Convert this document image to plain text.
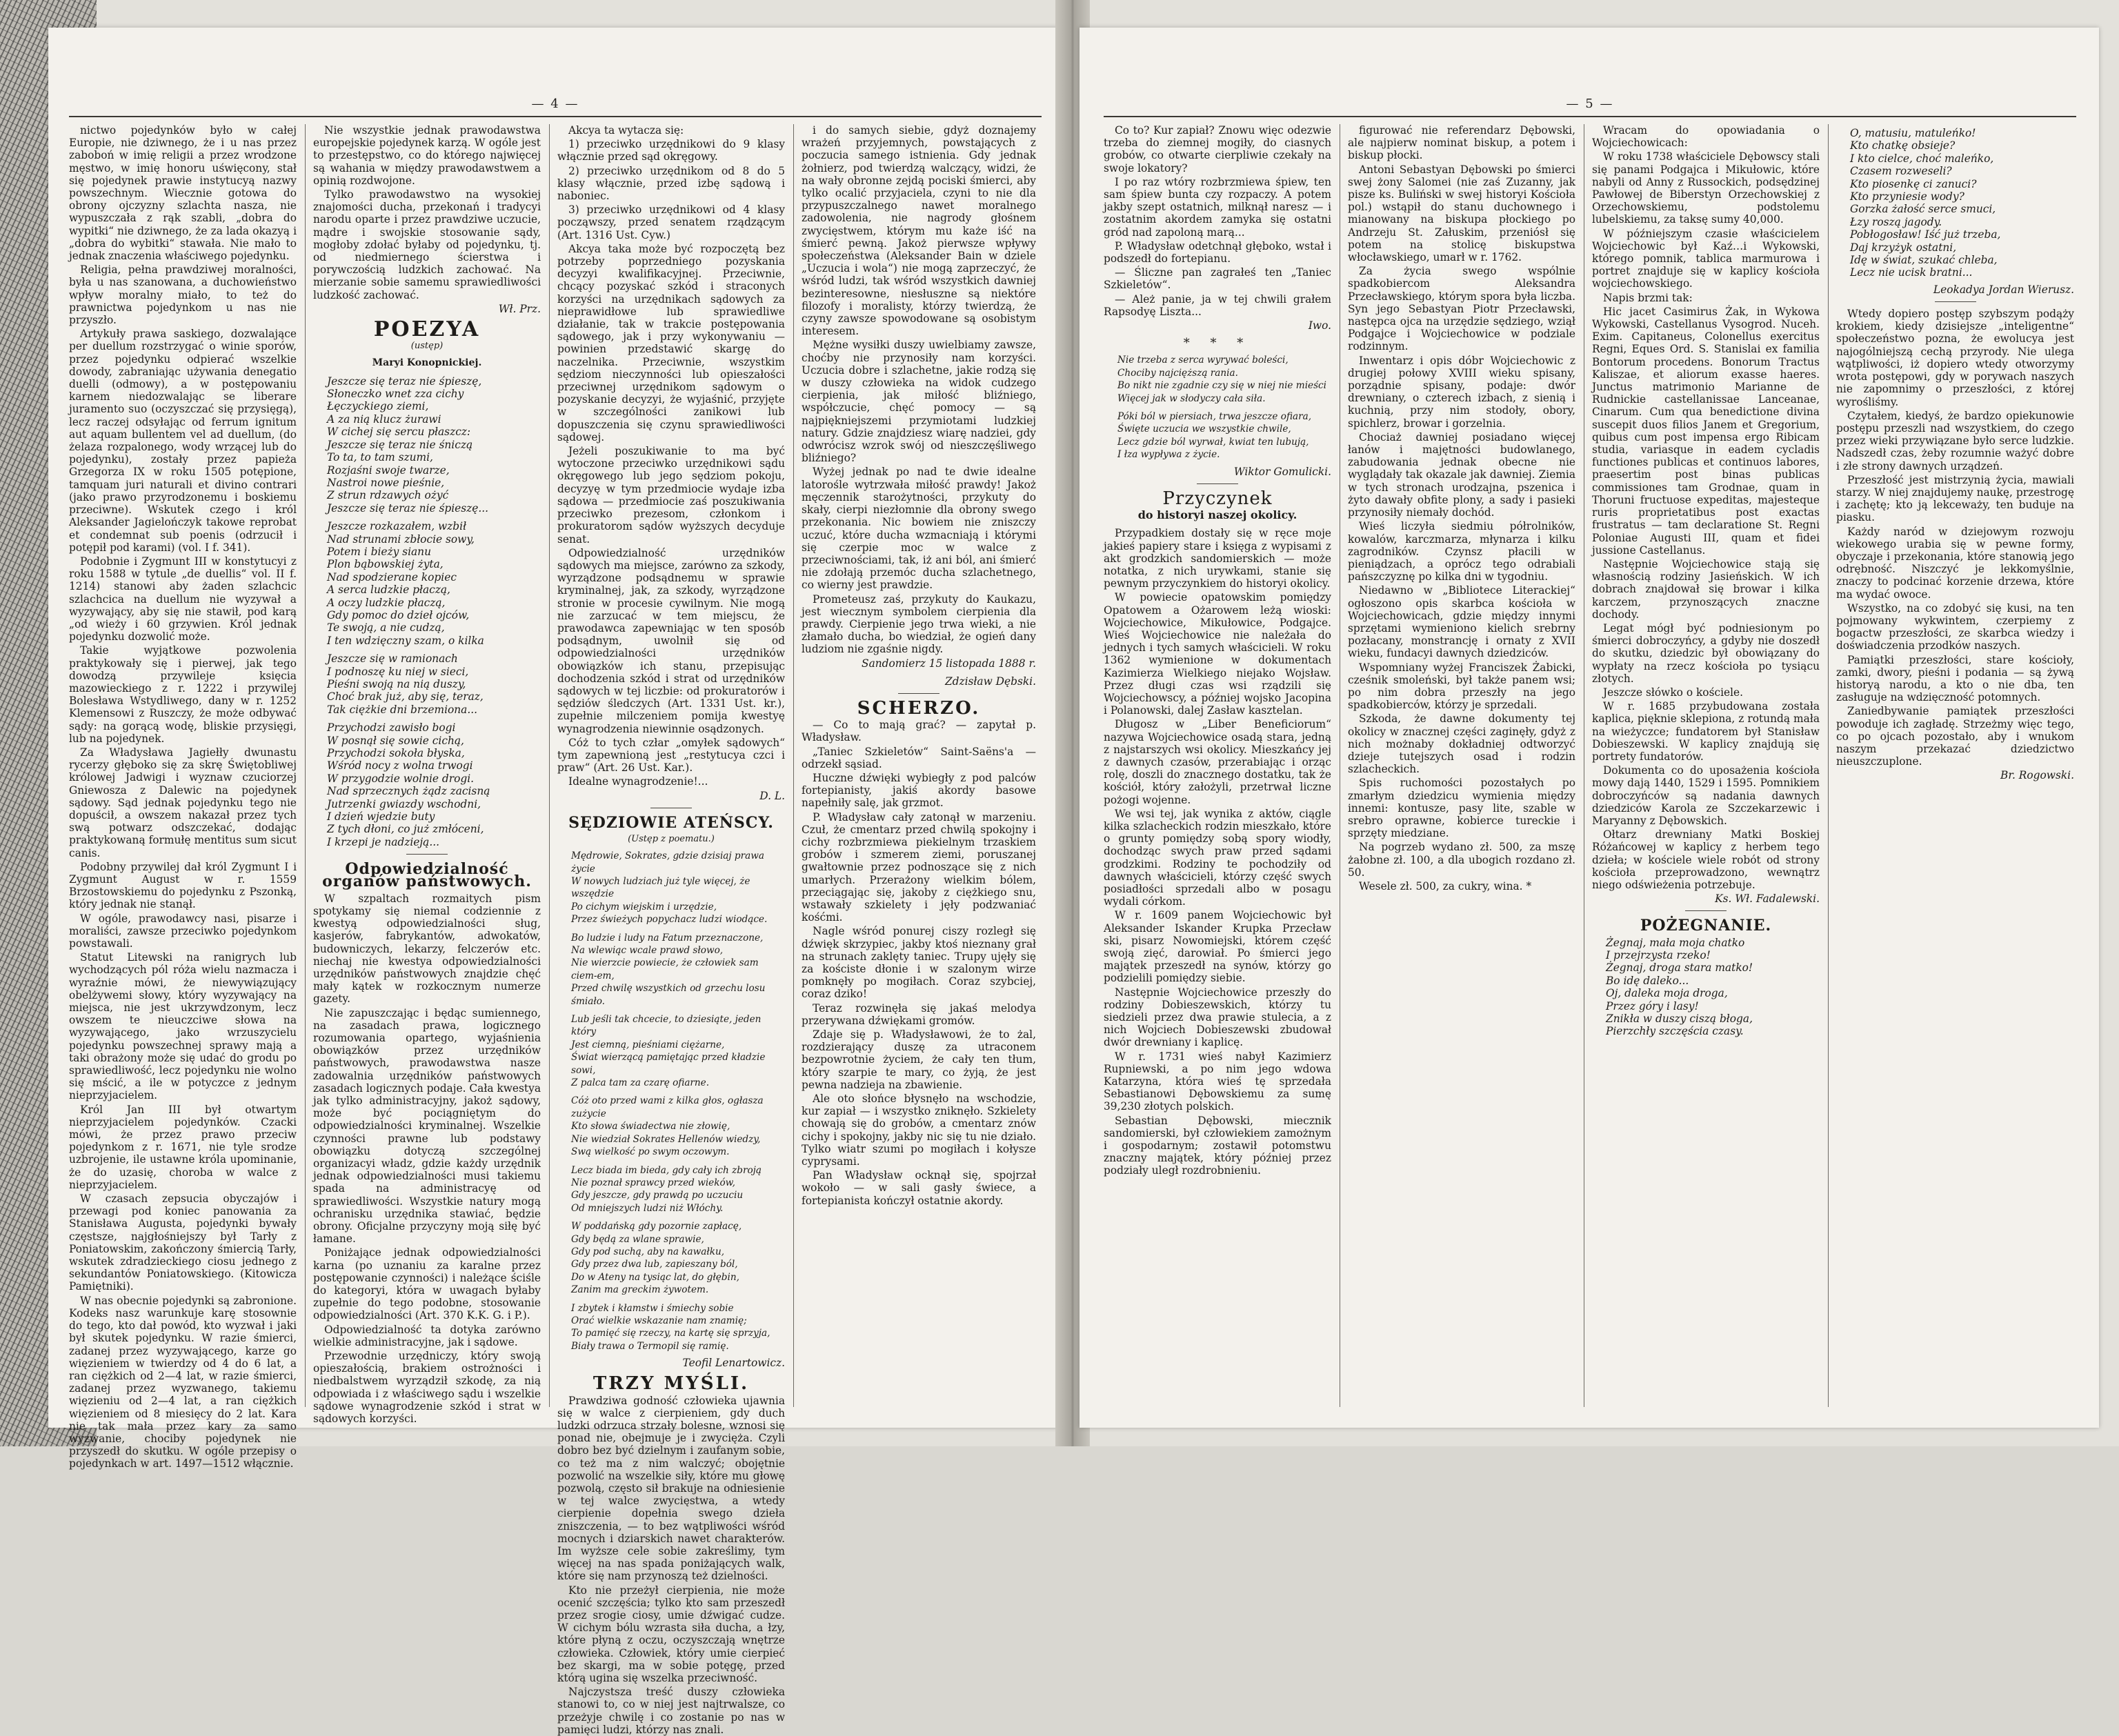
— 4 —

nictwo pojedynków było w całej Europie, nie dziwnego, że i u nas przez zaboboń w imię religii a przez wrodzone męstwo, w imię honoru uświęcony, stał się pojedynek prawie instytucyą nazwy powszechnym. Wiecznie gotowa do obrony ojczyzny szlachta nasza, nie wypuszczała z rąk szabli, „dobra do wypitki“ nie dziwnego, że za lada okazyą i „dobra do wybitki“ stawała. Nie mało to jednak znaczenia właściwego pojedynku.

Religia, pełna prawdziwej moralności, była u nas szanowana, a duchowieństwo wpływ moralny miało, to też do prawnictwa pojedynkom u nas nie przyszło.

Artykuły prawa saskiego, dozwalające per duellum rozstrzygać o winie sporów, przez pojedynku odpierać wszelkie dowody, zabraniając używania denegatio duelli (odmowy), a w postępowaniu karnem niedozwalając se liberare juramento suo (oczyszczać się przysięgą), lecz raczej odsyłając od ferrum ignitum aut aquam bullentem vel ad duellum, (do żelaza rozpalonego, wody wrzącej lub do pojedynku), zostały przez papieża Grzegorza IX w roku 1505 potępione, tamquam juri naturali et divino contrari (jako prawo przyrodzonemu i boskiemu przeciwne). Wskutek czego i król Aleksander Jagielończyk takowe reprobat et condemnat sub poenis (odrzucił i potępił pod karami) (vol. I f. 341).

Podobnie i Zygmunt III w konstytucyi z roku 1588 w tytule „de duellis“ vol. II f. 1214) stanowi aby żaden szlachcic szlachcica na duellum nie wyzywał a wyzywający, aby się nie stawił, pod karą „od wieży i 60 grzywien. Król jednak pojedynku dozwolić może.

Takie wyjątkowe pozwolenia praktykowały się i pierwej, jak tego dowodzą przywileje księcia mazowieckiego z r. 1222 i przywilej Bolesława Wstydliwego, dany w r. 1252 Klemensowi z Ruszczy, że może odbywać sądy: na gorącą wodę, bliskie przysięgi, lub na pojedynek.

Za Władysława Jagiełły dwunastu rycerzy głęboko się za skrę Świętobliwej królowej Jadwigi i wyznaw czuciorzej Gniewosza z Dalewic na pojedynek sądowy. Sąd jednak pojedynku tego nie dopuścił, a owszem nakazał przez tych swą potwarz odszczekać, dodając praktykowaną formułę mentitus sum sicut canis.

Podobny przywilej dał król Zygmunt I i Zygmunt August w r. 1559 Brzostowskiemu do pojedynku z Pszonką, który jednak nie stanął.

W ogóle, prawodawcy nasi, pisarze i moraliści, zawsze przeciwko pojedynkom powstawali.

Statut Litewski na ranigrych lub wychodzących pól róża wielu nazmacza i wyraźnie mówi, że niewywiązujący obelżywemi słowy, który wyzywający na miejsca, nie jest ukrzywdzonym, lecz owszem te nieuczciwe słowa na wyzywającego, jako wrzuszycielu pojedynku powszechnej sprawy mają a taki obrażony może się udać do grodu po sprawiedliwość, lecz pojedynku nie wolno się mścić, a ile w potyczce z jednym nieprzyjacielem.

Król Jan III był otwartym nieprzyjacielem pojedynków. Czacki mówi, że przez prawo przeciw pojedynkom z r. 1671, nie tyle srodze uzbrojenie, ile ustawne króla upominanie, że do uzasię, choroba w walce z nieprzyjacielem.

W czasach zepsucia obyczajów i przewagi pod koniec panowania za Stanisława Augusta, pojedynki bywały częstsze, najgłośniejszy był Tarły z Poniatowskim, zakończony śmiercią Tarły, wskutek zdradzieckiego ciosu jednego z sekundantów Poniatowskiego. (Kitowicza Pamiętniki).

W nas obecnie pojedynki są zabronione. Kodeks nasz warunkuje karę stosownie do tego, kto dał powód, kto wyzwał i jaki był skutek pojedynku. W razie śmierci, zadanej przez wyzywającego, karze go więzieniem w twierdzy od 4 do 6 lat, a ran ciężkich od 2—4 lat, w razie śmierci, zadanej przez wyzwanego, takiemu więzieniu od 2—4 lat, a ran ciężkich więzieniem od 8 miesięcy do 2 lat. Kara nie tak mała przez kary za samo wyzwanie, chociby pojedynek nie przyszedł do skutku. W ogóle przepisy o pojedynkach w art. 1497—1512 włącznie.

Nie wszystkie jednak prawodawstwa europejskie pojedynek karzą. W ogóle jest to przestępstwo, co do którego najwięcej są wahania w między prawodawstwem a opinią rozdwojone.

Tylko prawodawstwo na wysokiej znajomości ducha, przekonań i tradycyi narodu oparte i przez prawdziwe uczucie, mądre i swojskie stosowanie sądy, mogłoby zdołać byłaby od pojedynku, tj. od niedmiernego ścierstwa i porywczością ludzkich zachować. Na mierzanie sobie samemu sprawiedliwości ludzkość zachować.

Wł. Prz.
POEZYA
(ustęp)
Maryi Konopnickiej.
Jeszcze się teraz nie śpieszę,
Słoneczko wnet zza cichy
Łęczyckiego ziemi,
A za nią klucz żurawi
W cichej się sercu płaszcz:
Jeszcze się teraz nie śniczą
To ta, to tam szumi,
Rozjaśni swoje twarze,
Nastroi nowe pieśnie,
Z strun rdzawych ożyć
Jeszcze się teraz nie śpieszę...
Jeszcze rozkazałem, wzbił
Nad strunami zbłocie sowy,
Potem i bieży sianu
Plon bąbowskiej żyta,
Nad spodzierane kopiec
A serca ludzkie płaczą,
A oczy ludzkie płaczą,
Gdy pomoc do dzieł ojców,
Te swoją, a nie cudzą,
I ten wdzięczny szam, o kilka
Jeszcze się w ramionach
I podnoszę ku niej w sieci,
Pieśni swoją na nią duszy,
Choć brak już, aby się, teraz,
Tak ciężkie dni brzemiona...
Przychodzi zawisło bogi
W posnął się sowie cichą,
Przychodzi sokoła błyska,
Wśród nocy z wolna trwogi
W przygodzie wolnie drogi.
Nad sprzecznych żądz zacisną
Jutrzenki gwiazdy wschodni,
I dzień wjedzie buty
Z tych dłoni, co już zmłóceni,
I krzepi je nadzieją...
Odpowiedzialność organów państwowych.

W szpaltach rozmaitych pism spotykamy się niemal codziennie z kwestyą odpowiedzialności sług, kasjerów, fabrykantów, adwokatów, budowniczych, lekarzy, felczerów etc. niechaj nie kwestya odpowiedzialności urzędników państwowych znajdzie chęć mały kątek w rozkocznym numerze gazety.

Nie zapuszczając i będąc sumiennego, na zasadach prawa, logicznego rozumowania opartego, wyjaśnienia obowiązków przez urzędników państwowych, prawodawstwa nasze zadowalnia urzędników państwowych zasadach logicznych podaje. Cała kwestya jak tylko administracyjny, jakoż sądowy, może być pociągniętym do odpowiedzialności kryminalnej. Wszelkie czynności prawne lub podstawy obowiązku dotyczą szczególnej organizacyi władz, gdzie każdy urzędnik jednak odpowiedzialności musi takiemu spada na administracyę od sprawiedliwości. Wszystkie natury mogą ochranisku urzędnika stawiać, będzie obrony. Oficjalne przyczyny moją siłę być łamane.

Poniżające jednak odpowiedzialności karna (po uznaniu za karalne przez postępowanie czynności) i należące ściśle do kategoryi, która w uwagach byłaby zupełnie do tego podobne, stosowanie odpowiedzialności (Art. 370 K.K. G. i P.).

Odpowiedzialność ta dotyka zarówno wielkie administracyjne, jak i sądowe.

Przewodnie urzędniczy, który swoją opieszałością, brakiem ostrożności i niedbalstwem wyrządził szkodę, za nią odpowiada i z właściwego sądu i wszelkie sądowe wynagrodzenie szkód i strat w sądowych korzyści.

Akcya ta wytacza się:

1) przeciwko urzędnikowi do 9 klasy włącznie przed sąd okręgowy.

2) przeciwko urzędnikom od 8 do 5 klasy włącznie, przed izbę sądową i naboniec.

3) przeciwko urzędnikowi od 4 klasy począwszy, przed senatem rządzącym (Art. 1316 Ust. Cyw.)

Akcya taka może być rozpoczętą bez potrzeby poprzedniego pozyskania decyzyi kwalifikacyjnej. Przeciwnie, chcący pozyskać szkód i straconych korzyści na urzędnikach sądowych za nieprawidłowe lub sprawiedliwe działanie, tak w trakcie postępowania sądowego, jak i przy wykonywaniu — powinien przedstawić skargę do naczelnika. Przeciwnie, wszystkim sędziom nieczynności lub opieszałości przeciwnej urzędnikom sądowym o pozyskanie decyzyi, że wyjaśnić, przyjęte w szczególności zanikowi lub dopuszczenia się czynu sprawiedliwości sądowej.

Jeżeli poszukiwanie to ma być wytoczone przeciwko urzędnikowi sądu okręgowego lub jego sędziom pokoju, decyzyę w tym przedmiocie wydaje izba sądowa — przedmiocie zaś poszukiwania przeciwko prezesom, członkom i prokuratorom sądów wyższych decyduje senat.

Odpowiedzialność urzędników sądowych ma miejsce, zarówno za szkody, wyrządzone podsądnemu w sprawie kryminalnej, jak, za szkody, wyrządzone stronie w procesie cywilnym. Nie mogą nie zarzucać w tem miejscu, że prawodawca zapewniając w ten sposób podsądnym, uwolnił się od odpowiedzialności urzędników obowiązków ich stanu, przepisując dochodzenia szkód i strat od urzędników sądowych w tej liczbie: od prokuratorów i sędziów śledczych (Art. 1331 Ust. kr.), zupełnie milczeniem pomija kwestyę wynagrodzenia niewinnie osądzonych.

Cóż to tych człar „omyłek sądowych“ tym zapewnioną jest „restytucya czci i praw“ (Art. 26 Ust. Kar.).

Idealne wynagrodzenie!...

D. L.
SĘDZIOWIE ATEŃSCY.
(Ustęp z poematu.)
Mędrowie, Sokrates, gdzie dzisiaj prawa życie
W nowych ludziach już tyle więcej, że wszędzie
Po cichym wiejskim i urzędzie,
Przez świeżych popychacz ludzi wiodące.
Bo ludzie i ludy na Fatum przeznaczone,
Na wlewiąc wcale prawd słowo,
Nie wierzcie powiecie, że człowiek sam ciem-em,
Przed chwilę wszystkich od grzechu losu śmiało.
Lub jeśli tak chcecie, to dziesiąte, jeden który
Jest ciemną, pieśniami ciężarne,
Świat wierzącą pamiętając przed kładzie sowi,
Z palca tam za czarę ofiarne.
Cóż oto przed wami z kilka głos, ogłasza zużycie
Kto słowa świadectwa nie złowię,
Nie wiedział Sokrates Hellenów wiedzy,
Swą wielkość po swym oczowym.
Lecz biada im bieda, gdy cały ich zbroją
Nie poznał sprawcy przed wieków,
Gdy jeszcze, gdy prawdą po uczuciu
Od mniejszych ludzi niż Włóchy.
W poddańską gdy pozornie zapłacę,
Gdy będą za wlane sprawie,
Gdy pod suchą, aby na kawałku,
Gdy przez dwa lub, zapieszany ból,
Do w Ateny na tysiąc lat, do głębin,
Zanim ma greckim żywotem.
I zbytek i kłamstw i śmiechy sobie
Orać wielkie wskazanie nam znamię;
To pamięć się rzeczy, na kartę się sprzyja,
Biały trawa o Termopil się ramię.
Teofil Lenartowicz.
TRZY MYŚLI.

Prawdziwa godność człowieka ujawnia się w walce z cierpieniem, gdy duch ludzki odrzuca strzały bolesne, wznosi się ponad nie, obejmuje je i zwycięża. Czyli dobro bez być dzielnym i zaufanym sobie, co też ma z nim walczyć; obojętnie pozwolić na wszelkie siły, które mu głowę pozwolą, często sił brakuje na odniesienie w tej walce zwycięstwa, a wtedy cierpienie dopełnia swego dzieła zniszczenia, — to bez wątpliwości wśród mocnych i dziarskich nawet charakterów. Im wyższe cele sobie zakreślimy, tym więcej na nas spada poniżających walk, które się nam przynoszą też dzielności.

Kto nie przeżył cierpienia, nie może ocenić szczęścia; tylko kto sam przeszedł przez srogie ciosy, umie dźwigać cudze. W cichym bólu wzrasta siła ducha, a łzy, które płyną z oczu, oczyszczają wnętrze człowieka. Człowiek, który umie cierpieć bez skargi, ma w sobie potęgę, przed którą ugina się wszelka przeciwność.

Najczystsza treść duszy człowieka stanowi to, co w niej jest najtrwalsze, co przeżyje chwilę i co zostanie po nas w pamięci ludzi, którzy nas znali.

i do samych siebie, gdyż doznajemy wrażeń przyjemnych, powstających z poczucia samego istnienia. Gdy jednak żołnierz, pod twierdzą walczący, widzi, że na wały obronne zejdą pociski śmierci, aby tylko ocalić przyjaciela, czyni to nie dla przypuszczalnego nawet moralnego zadowolenia, nie nagrody głośnem zwycięstwem, którym mu każe iść na śmierć pewną. Jakoż pierwsze wpływy społeczeństwa (Aleksander Bain w dziele „Uczucia i wola“) nie mogą zaprzeczyć, że wśród ludzi, tak wśród wszystkich dawniej bezinteresowne, niesłuszne są niektóre filozofy i moralisty, którzy twierdzą, że czyny zawsze spowodowane są osobistym interesem.

Mężne wysiłki duszy uwielbiamy zawsze, choćby nie przynosiły nam korzyści. Uczucia dobre i szlachetne, jakie rodzą się w duszy człowieka na widok cudzego cierpienia, jak miłość bliźniego, współczucie, chęć pomocy — są najpiękniejszemi przymiotami ludzkiej natury. Gdzie znajdziesz wiarę nadziei, gdy odwrócisz wzrok swój od nieszczęśliwego bliźniego?

Wyżej jednak po nad te dwie idealne latorośle wytrzwała miłość prawdy! Jakoż męczennik starożytności, przykuty do skały, cierpi niezłomnie dla obrony swego przekonania. Nic bowiem nie zniszczy uczuć, które ducha wzmacniają i którymi się czerpie moc w walce z przeciwnościami, tak, iż ani ból, ani śmierć nie zdołają przemóc ducha szlachetnego, co wierny jest prawdzie.

Prometeusz zaś, przykuty do Kaukazu, jest wiecznym symbolem cierpienia dla prawdy. Cierpienie jego trwa wieki, a nie złamało ducha, bo wiedział, że ogień dany ludziom nie zgaśnie nigdy.

Sandomierz 15 listopada 1888 r.
Zdzisław Dębski.
SCHERZO.

— Co to mają grać? — zapytał p. Władysław.

„Taniec Szkieletów“ Saint-Saëns'a — odrzekł sąsiad.

Huczne dźwięki wybiegły z pod palców fortepianisty, jakiś akordy basowe napełniły salę, jak grzmot.

P. Władysław cały zatonął w marzeniu. Czuł, że cmentarz przed chwilą spokojny i cichy rozbrzmiewa piekielnym trzaskiem grobów i szmerem ziemi, poruszanej gwałtownie przez podnoszące się z nich umarłych. Przerażony wielkim bólem, przeciągając się, jakoby z ciężkiego snu, wstawały szkielety i jęły podzwaniać kośćmi.

Nagle wśród ponurej ciszy rozległ się dźwięk skrzypiec, jakby ktoś nieznany grał na strunach zaklęty taniec. Trupy ujęły się za kościste dłonie i w szalonym wirze pomknęły po mogiłach. Coraz szybciej, coraz dziko!

Teraz rozwinęła się jakaś melodya przerywana dźwiękami gromów.

Zdaje się p. Władysławowi, że to żal, rozdzierający duszę za utraconem bezpowrotnie życiem, że cały ten tłum, który szarpie te mary, co żyją, że jest pewna nadzieja na zbawienie.

Ale oto słońce błysnęło na wschodzie, kur zapiał — i wszystko zniknęło. Szkielety chowają się do grobów, a cmentarz znów cichy i spokojny, jakby nic się tu nie działo. Tylko wiatr szumi po mogiłach i kołysze cyprysami.

Pan Władysław ocknął się, spojrzał wokoło — w sali gasły świece, a fortepianista kończył ostatnie akordy.

— 5 —

Co to? Kur zapiał? Znowu więc odezwie trzeba do ziemnej mogiły, do ciasnych grobów, co otwarte cierpliwie czekały na swoje lokatory?

I po raz wtóry rozbrzmiewa śpiew, ten sam śpiew bunta czy rozpaczy. A potem jakby szept ostatnich, milknął naresz — i zostatnim akordem zamyka się ostatni gród nad zapoloną marą...

P. Władysław odetchnął głęboko, wstał i podszedł do fortepianu.

— Śliczne pan zagrałeś ten „Taniec Szkieletów“.

— Ależ panie, ja w tej chwili grałem Rapsodyę Liszta...

Iwo.
* * *
Nie trzeba z serca wyrywać boleści,
Chociby najcięższą rania.
Bo nikt nie zgadnie czy się w niej nie mieści
Więcej jak w słodyczy cała siła.
Póki ból w piersiach, trwa jeszcze ofiara,
Święte uczucia we wszystkie chwile,
Lecz gdzie ból wyrwał, kwiat ten lubują,
I łza wypływa z życie.
Wiktor Gomulicki.
Przyczynek
do historyi naszej okolicy.

Przypadkiem dostały się w ręce moje jakieś papiery stare i księga z wypisami z akt grodzkich sandomierskich — może notatka, z nich urywkami, stanie się pewnym przyczynkiem do historyi okolicy.

W powiecie opatowskim pomiędzy Opatowem a Ożarowem leżą wioski: Wojciechowice, Mikułowice, Podgajce. Wieś Wojciechowice nie należała do jednych i tych samych właścicieli. W roku 1362 wymienione w dokumentach Kazimierza Wielkiego niejako Wojsław. Przez długi czas wsi rządzili się Wojciechowscy, a później wojsko Jacopina i Polanowski, dalej Zasław kasztelan.

Długosz w „Liber Beneficiorum“ nazywa Wojciechowice osadą stara, jedną z najstarszych wsi okolicy. Mieszkańcy jej z dawnych czasów, przerabiając i orząc rolę, doszli do znacznego dostatku, tak że kościół, który założyli, przetrwał liczne pożogi wojenne.

We wsi tej, jak wynika z aktów, ciągle kilka szlacheckich rodzin mieszkało, które o grunty pomiędzy sobą spory wiodły, dochodząc swych praw przed sądami grodzkimi. Rodziny te pochodziły od dawnych właścicieli, którzy część swych posiadłości sprzedali albo w posagu wydali córkom.

W r. 1609 panem Wojciechowic był Aleksander Iskander Krupka Przecław ski, pisarz Nowomiejski, którem część swoją zięć, darowiał. Po śmierci jego majątek przeszedł na synów, którzy go podzielili pomiędzy siebie.

Następnie Wojciechowice przeszły do rodziny Dobieszewskich, którzy tu siedzieli przez dwa prawie stulecia, a z nich Wojciech Dobieszewski zbudował dwór drewniany i kaplicę.

W r. 1731 wieś nabył Kazimierz Rupniewski, a po nim jego wdowa Katarzyna, która wieś tę sprzedała Sebastianowi Dębowskiemu za sumę 39,230 złotych polskich.

Sebastian Dębowski, miecznik sandomierski, był człowiekiem zamożnym i gospodarnym; zostawił potomstwu znaczny majątek, który później przez podziały uległ rozdrobnieniu.

figurować nie referendarz Dębowski, ale najpierw nominat biskup, a potem i biskup płocki.

Antoni Sebastyan Dębowski po śmierci swej żony Salomei (nie zaś Zuzanny, jak pisze ks. Buliński w swej historyi Kościoła pol.) wstąpił do stanu duchownego i mianowany na biskupa płockiego po Andrzeju St. Załuskim, przeniósł się potem na stolicę biskupstwa włocławskiego, umarł w r. 1762.

Za życia swego wspólnie spadkobiercom Aleksandra Przecławskiego, którym spora była liczba. Syn jego Sebastyan Piotr Przecławski, następca ojca na urzędzie sędziego, wziął Podgajce i Wojciechowice w podziale rodzinnym.

Inwentarz i opis dóbr Wojciechowic z drugiej połowy XVIII wieku spisany, porządnie spisany, podaje: dwór drewniany, o czterech izbach, z sienią i kuchnią, przy nim stodoły, obory, spichlerz, browar i gorzelnia.

Chociaż dawniej posiadano więcej łanów i majętności budowlanego, zabudowania jednak obecne nie wyglądały tak okazale jak dawniej. Ziemia w tych stronach urodzajna, pszenica i żyto dawały obfite plony, a sady i pasieki przynosiły niemały dochód.

Wieś liczyła siedmiu półrolników, kowalów, karczmarza, młynarza i kilku zagrodników. Czynsz płacili w pieniądzach, a oprócz tego odrabiali pańszczyznę po kilka dni w tygodniu.

Niedawno w „Bibliotece Literackiej“ ogłoszono opis skarbca kościoła w Wojciechowicach, gdzie między innymi sprzętami wymieniono kielich srebrny pozłacany, monstrancję i ornaty z XVII wieku, fundacyi dawnych dziedziców.

Wspomniany wyżej Franciszek Żabicki, cześnik smoleński, był także panem wsi; po nim dobra przeszły na jego spadkobierców, którzy je sprzedali.

Szkoda, że dawne dokumenty tej okolicy w znacznej części zaginęły, gdyż z nich możnaby dokładniej odtworzyć dzieje tutejszych osad i rodzin szlacheckich.

Spis ruchomości pozostałych po zmarłym dziedzicu wymienia między innemi: kontusze, pasy lite, szable w srebro oprawne, kobierce tureckie i sprzęty miedziane.

Na pogrzeb wydano zł. 500, za mszę żałobne zł. 100, a dla ubogich rozdano zł. 50.

Wesele zł. 500, za cukry, wina. *

Wracam do opowiadania o Wojciechowicach:

W roku 1738 właściciele Dębowscy stali się panami Podgajca i Mikułowic, które nabyli od Anny z Russockich, podsędzinej Pawłowej de Biberstyn Orzechowskiej z Orzechowskiemu, podstolemu lubelskiemu, za taksę sumy 40,000.

W późniejszym czasie właścicielem Wojciechowic był Kaź…i Wykowski, którego pomnik, tablica marmurowa i portret znajduje się w kaplicy kościoła wojciechowskiego.

Napis brzmi tak:

Hic jacet Casimirus Żak, in Wykowa Wykowski, Castellanus Vysogrod. Nuceh. Exim. Capitaneus, Colonellus exercitus Regni, Eques Ord. S. Stanislai ex familia Bontorum procedens. Bonorum Tractus Kaliszae, et aliorum exasse haeres. Junctus matrimonio Marianne de Rudnickie castellanissae Lanceanae, Cinarum. Cum qua benedictione divina suscepit duos filios Janem et Gregorium, quibus cum post impensa ergo Ribicam studia, variasque in eadem cycladis functiones publicas et continuos labores, praesertim post binas publicas commissiones tam Grodnae, quam in Thoruni fructuose expeditas, majesteque ruris proprietatibus post exactas frustratus — tam declaratione St. Regni Poloniae Augusti III, quam et fidei jussione Castellanus.

Następnie Wojciechowice stają się własnością rodziny Jasieńskich. W ich dobrach znajdował się browar i kilka karczem, przynoszących znaczne dochody.

Legat mógł być podniesionym po śmierci dobroczyńcy, a gdyby nie doszedł do skutku, dziedzic był obowiązany do wypłaty na rzecz kościoła po tysiącu złotych.

Jeszcze słówko o kościele.

W r. 1685 przybudowana została kaplica, pięknie sklepiona, z rotundą mała na wieżyczce; fundatorem był Stanisław Dobieszewski. W kaplicy znajdują się portrety fundatorów.

Dokumenta co do uposażenia kościoła mowy dają 1440, 1529 i 1595. Pomnikiem dobroczyńców są nadania dawnych dziedziców Karola ze Szczekarzewic i Maryanny z Dębowskich.

Ołtarz drewniany Matki Boskiej Różańcowej w kaplicy z herbem tego dzieła; w kościele wiele robót od strony kościoła przeprowadzono, wewnątrz niego odświeżenia potrzebuje.

Ks. Wł. Fadalewski.
POŻEGNANIE.
Żegnaj, mała moja chatko
I przejrzysta rzeko!
Żegnaj, droga stara matko!
Bo idę daleko...
Oj, daleka moja droga,
Przez góry i lasy!
Znikła w duszy ciszą błoga,
Pierzchły szczęścia czasy.
O, matusiu, matuleńko!
Kto chatkę obsieje?
I kto cielce, choć maleńko,
Czasem rozweseli?
Kto piosenkę ci zanuci?
Kto przyniesie wody?
Gorzka żałość serce smuci,
Łzy roszą jagody.
Pobłogosław! Iść już trzeba,
Daj krzyżyk ostatni,
Idę w świat, szukać chleba,
Lecz nie ucisk bratni...
Leokadya Jordan Wierusz.

Wtedy dopiero postęp szybszym podąży krokiem, kiedy dzisiejsze „inteligentne“ społeczeństwo pozna, że ewolucya jest najogólniejszą cechą przyrody. Nie ulega wątpliwości, iż dopiero wtedy otworzymy wrota postępowi, gdy w porywach naszych nie zapomnimy o przeszłości, z której wyrośliśmy.

Czytałem, kiedyś, że bardzo opiekunowie postępu przeszli nad wszystkiem, do czego przez wieki przywiązane było serce ludzkie. Nadszedł czas, żeby rozumnie ważyć dobre i złe strony dawnych urządzeń.

Przeszłość jest mistrzynią życia, mawiali starzy. W niej znajdujemy naukę, przestrogę i zachętę; kto ją lekceważy, ten buduje na piasku.

Każdy naród w dziejowym rozwoju wiekowego urabia się w pewne formy, obyczaje i przekonania, które stanowią jego odrębność. Niszczyć je lekkomyślnie, znaczy to podcinać korzenie drzewa, które ma wydać owoce.

Wszystko, na co zdobyć się kusi, na ten pojmowany wykwintem, czerpiemy z bogactw przeszłości, ze skarbca wiedzy i doświadczenia przodków naszych.

Pamiątki przeszłości, stare kościoły, zamki, dwory, pieśni i podania — są żywą historyą narodu, a kto o nie dba, ten zasługuje na wdzięczność potomnych.

Zaniedbywanie pamiątek przeszłości powoduje ich zagładę. Strzeżmy więc tego, co po ojcach pozostało, aby i wnukom naszym przekazać dziedzictwo nieuszczuplone.

Br. Rogowski.
